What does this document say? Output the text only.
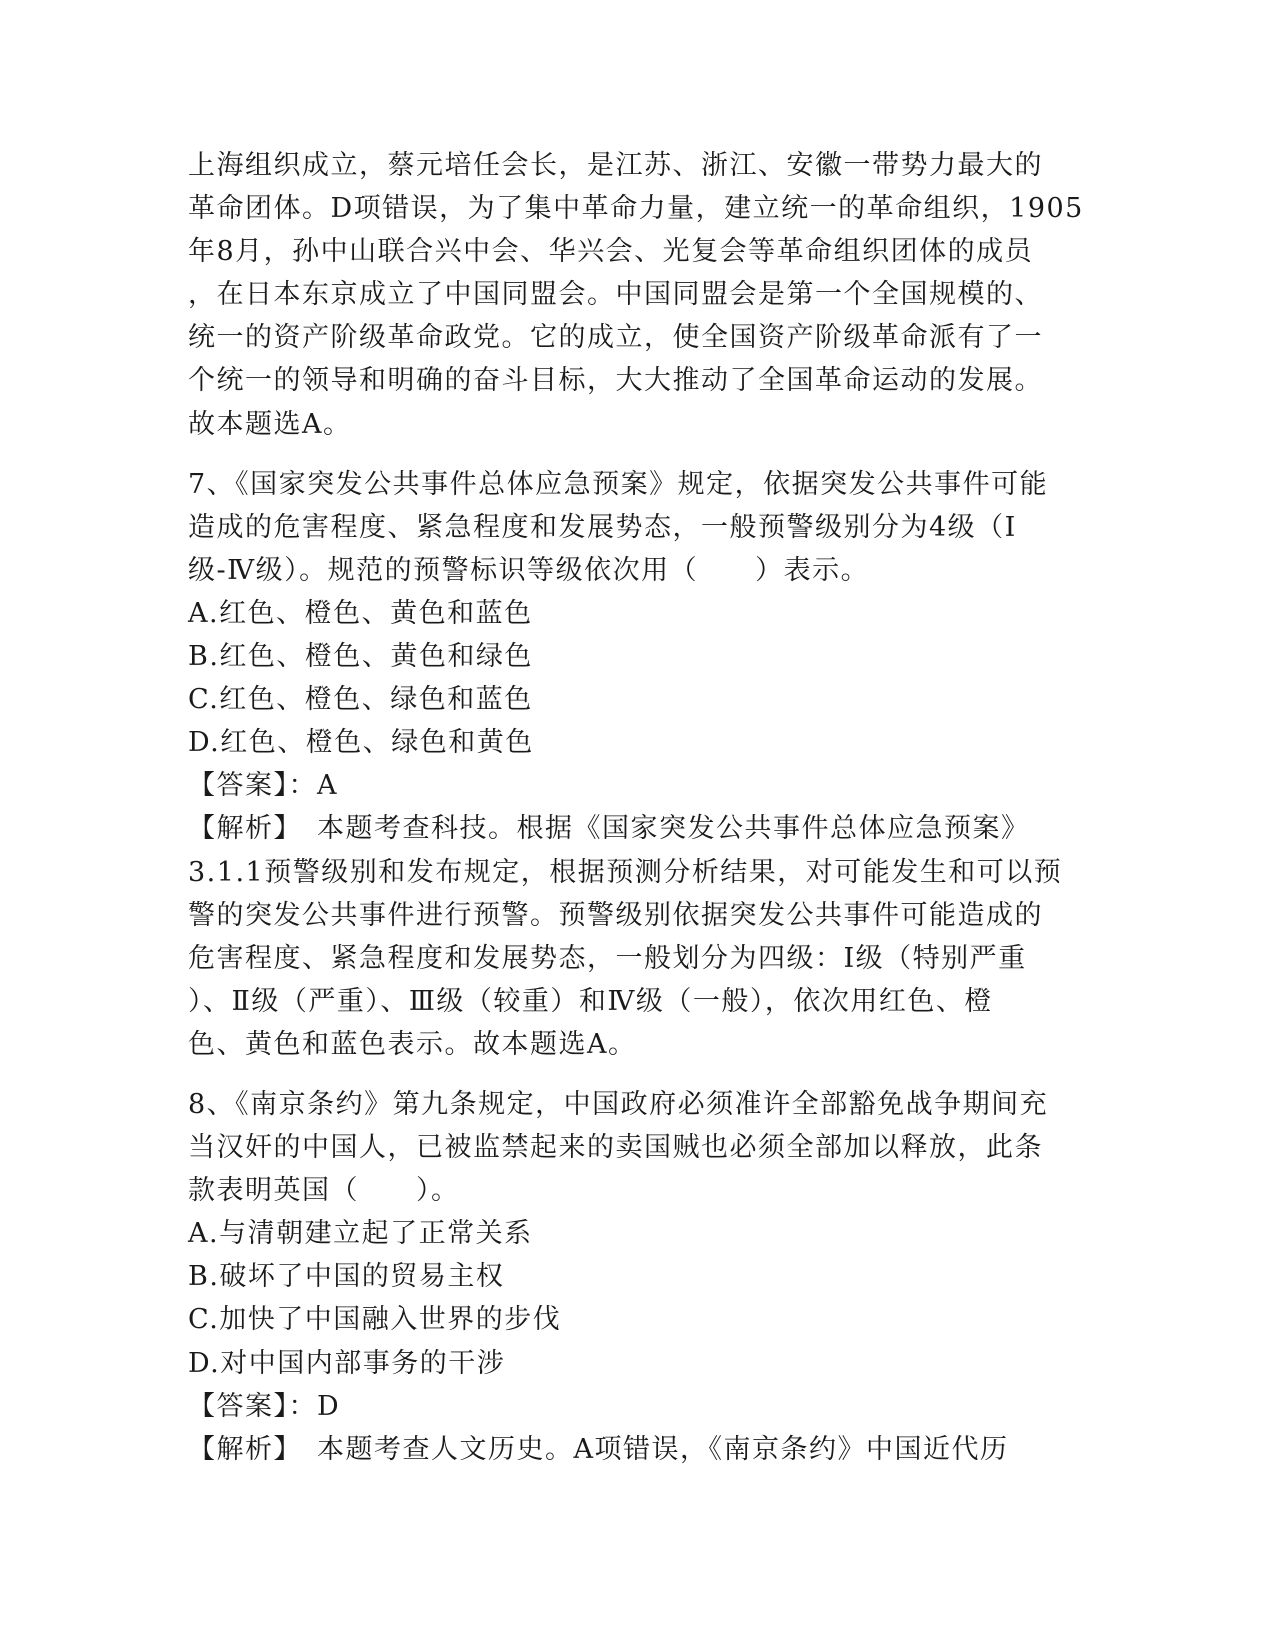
上海组织成立，蔡元培任会长，是江苏、浙江、安徽一带势力最大的
革命团体。D项错误，为了集中革命力量，建立统一的革命组织，1905
年8月，孙中山联合兴中会、华兴会、光复会等革命组织团体的成员
，在日本东京成立了中国同盟会。中国同盟会是第一个全国规模的、
统一的资产阶级革命政党。它的成立，使全国资产阶级革命派有了一
个统一的领导和明确的奋斗目标，大大推动了全国革命运动的发展。
故本题选A。
7、《国家突发公共事件总体应急预案》规定，依据突发公共事件可能
造成的危害程度、紧急程度和发展势态，一般预警级别分为4级（Ⅰ
级-Ⅳ级）。规范的预警标识等级依次用（　　）表示。
A.红色、橙色、黄色和蓝色
B.红色、橙色、黄色和绿色
C.红色、橙色、绿色和蓝色
D.红色、橙色、绿色和黄色
【答案】：A
【解析】　本题考查科技。根据《国家突发公共事件总体应急预案》
3.1.1预警级别和发布规定，根据预测分析结果，对可能发生和可以预
警的突发公共事件进行预警。预警级别依据突发公共事件可能造成的
危害程度、紧急程度和发展势态，一般划分为四级：Ⅰ级（特别严重
）、Ⅱ级（严重）、Ⅲ级（较重）和Ⅳ级（一般），依次用红色、橙
色、黄色和蓝色表示。故本题选A。
8、《南京条约》第九条规定，中国政府必须准许全部豁免战争期间充
当汉奸的中国人，已被监禁起来的卖国贼也必须全部加以释放，此条
款表明英国（　　）。
A.与清朝建立起了正常关系
B.破坏了中国的贸易主权
C.加快了中国融入世界的步伐
D.对中国内部事务的干涉
【答案】：D
【解析】　本题考查人文历史。A项错误，《南京条约》中国近代历
